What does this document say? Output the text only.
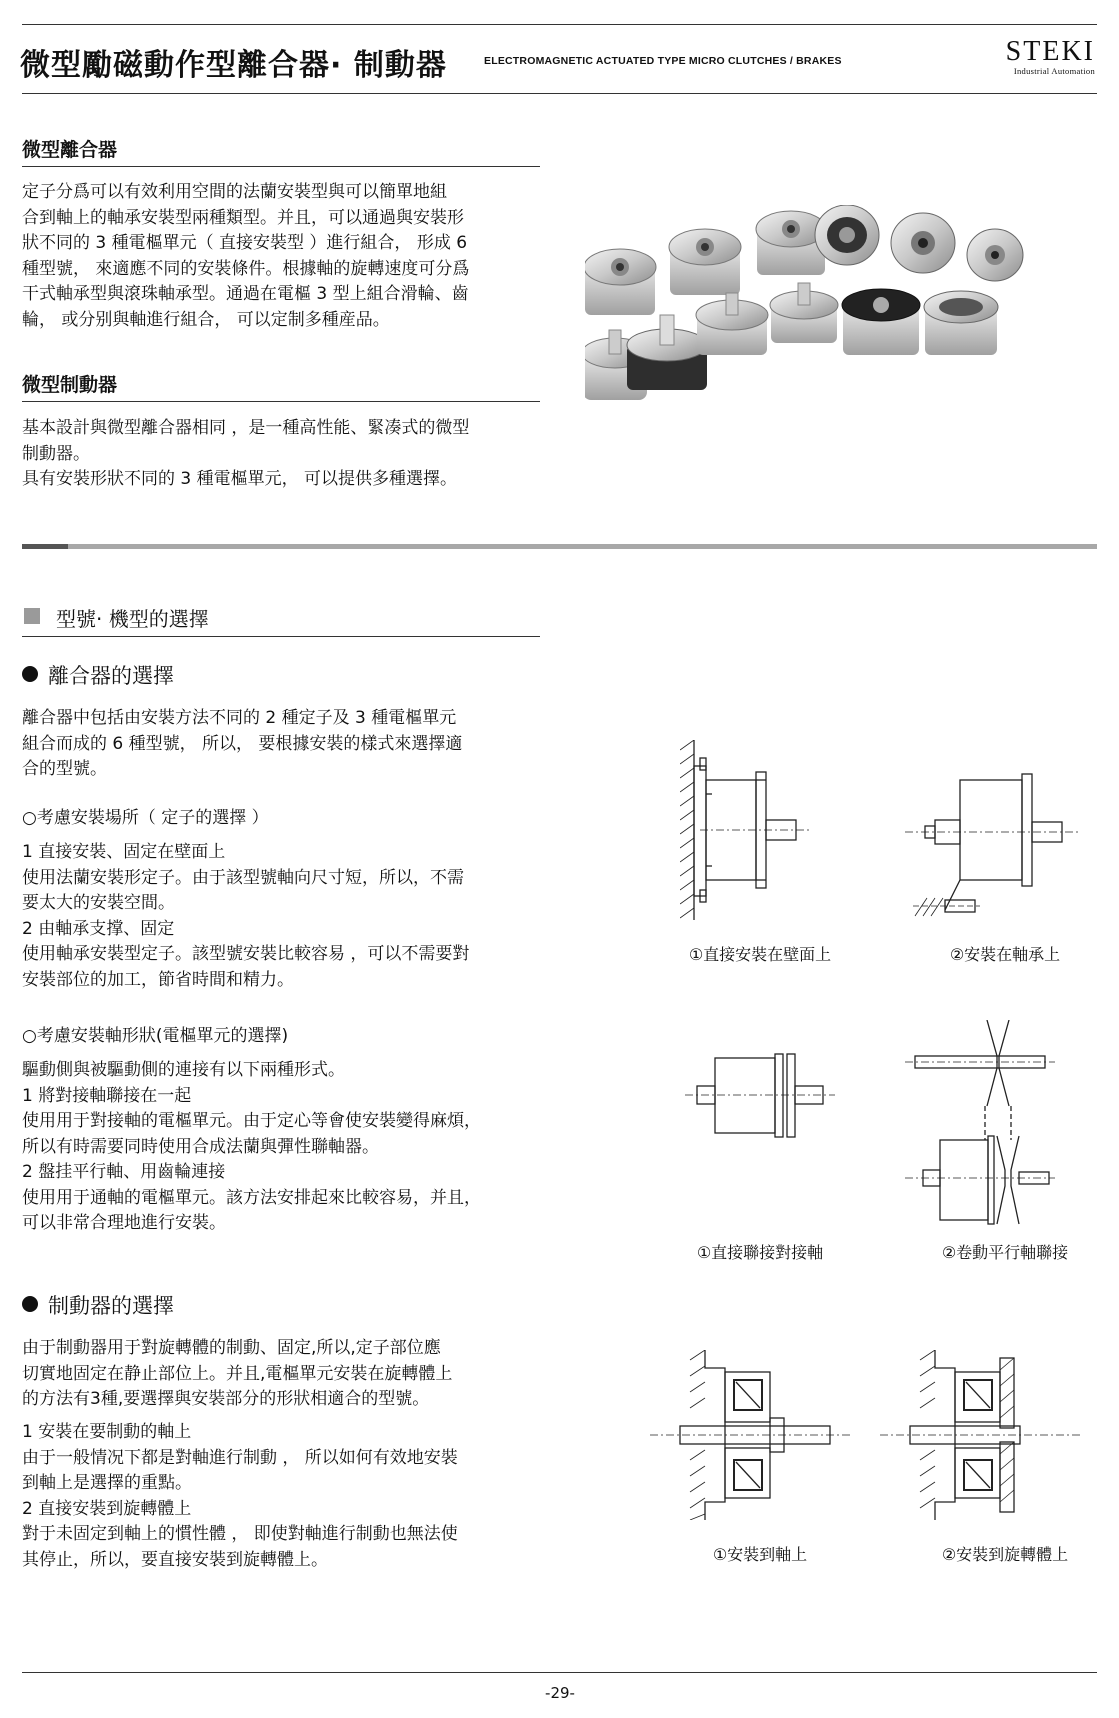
微型勵磁動作型離合器· 制動器	ELECTROMAGNETIC ACTUATED TYPE MICRO CLUTCHES / BRAKES	STEKI
Industrial Automation
微型離合器
定子分爲可以有效利用空間的法蘭安裝型與可以簡單地組
合到軸上的軸承安裝型兩種類型。并且，可以通過與安裝形
狀不同的 3 種電樞單元（ 直接安裝型 ）進行組合， 形成 6
種型號， 來適應不同的安裝條件。根據軸的旋轉速度可分爲
干式軸承型與滾珠軸承型。通過在電樞 3 型上組合滑輪、齒
輪， 或分别與軸進行組合， 可以定制多種産品。
微型制動器
基本設計與微型離合器相同 ，是一種高性能、緊凑式的微型
制動器。
具有安裝形狀不同的 3 種電樞單元， 可以提供多種選擇。
型號· 機型的選擇
離合器的選擇
離合器中包括由安裝方法不同的 2 種定子及 3 種電樞單元
組合而成的 6 種型號， 所以， 要根據安裝的樣式來選擇適
合的型號。
○考慮安裝場所（ 定子的選擇 ）
1 直接安裝、固定在壁面上
使用法蘭安裝形定子。由于該型號軸向尺寸短，所以，不需
要太大的安裝空間。
2 由軸承支撑、固定
使用軸承安裝型定子。該型號安裝比較容易 ，可以不需要對
安裝部位的加工，節省時間和精力。
○考慮安裝軸形狀(電樞單元的選擇)
驅動側與被驅動側的連接有以下兩種形式。
1 將對接軸聯接在一起
使用用于對接軸的電樞單元。由于定心等會使安裝變得麻煩，
所以有時需要同時使用合成法蘭與彈性聯軸器。
2 盤挂平行軸、用齒輪連接
使用用于通軸的電樞單元。該方法安排起來比較容易，并且，
可以非常合理地進行安裝。
制動器的選擇
由于制動器用于對旋轉體的制動、固定,所以,定子部位應
切實地固定在静止部位上。并且,電樞單元安裝在旋轉體上
的方法有3種,要選擇與安裝部分的形狀相適合的型號。
1 安裝在要制動的軸上
由于一般情况下都是對軸進行制動 ， 所以如何有效地安裝
到軸上是選擇的重點。
2 直接安裝到旋轉體上
對于未固定到軸上的慣性體 ， 即使對軸進行制動也無法使
其停止，所以，要直接安裝到旋轉體上。
①直接安裝在壁面上	②安裝在軸承上
①直接聯接對接軸	②卷動平行軸聯接
①安裝到軸上	②安裝到旋轉體上
-29-
